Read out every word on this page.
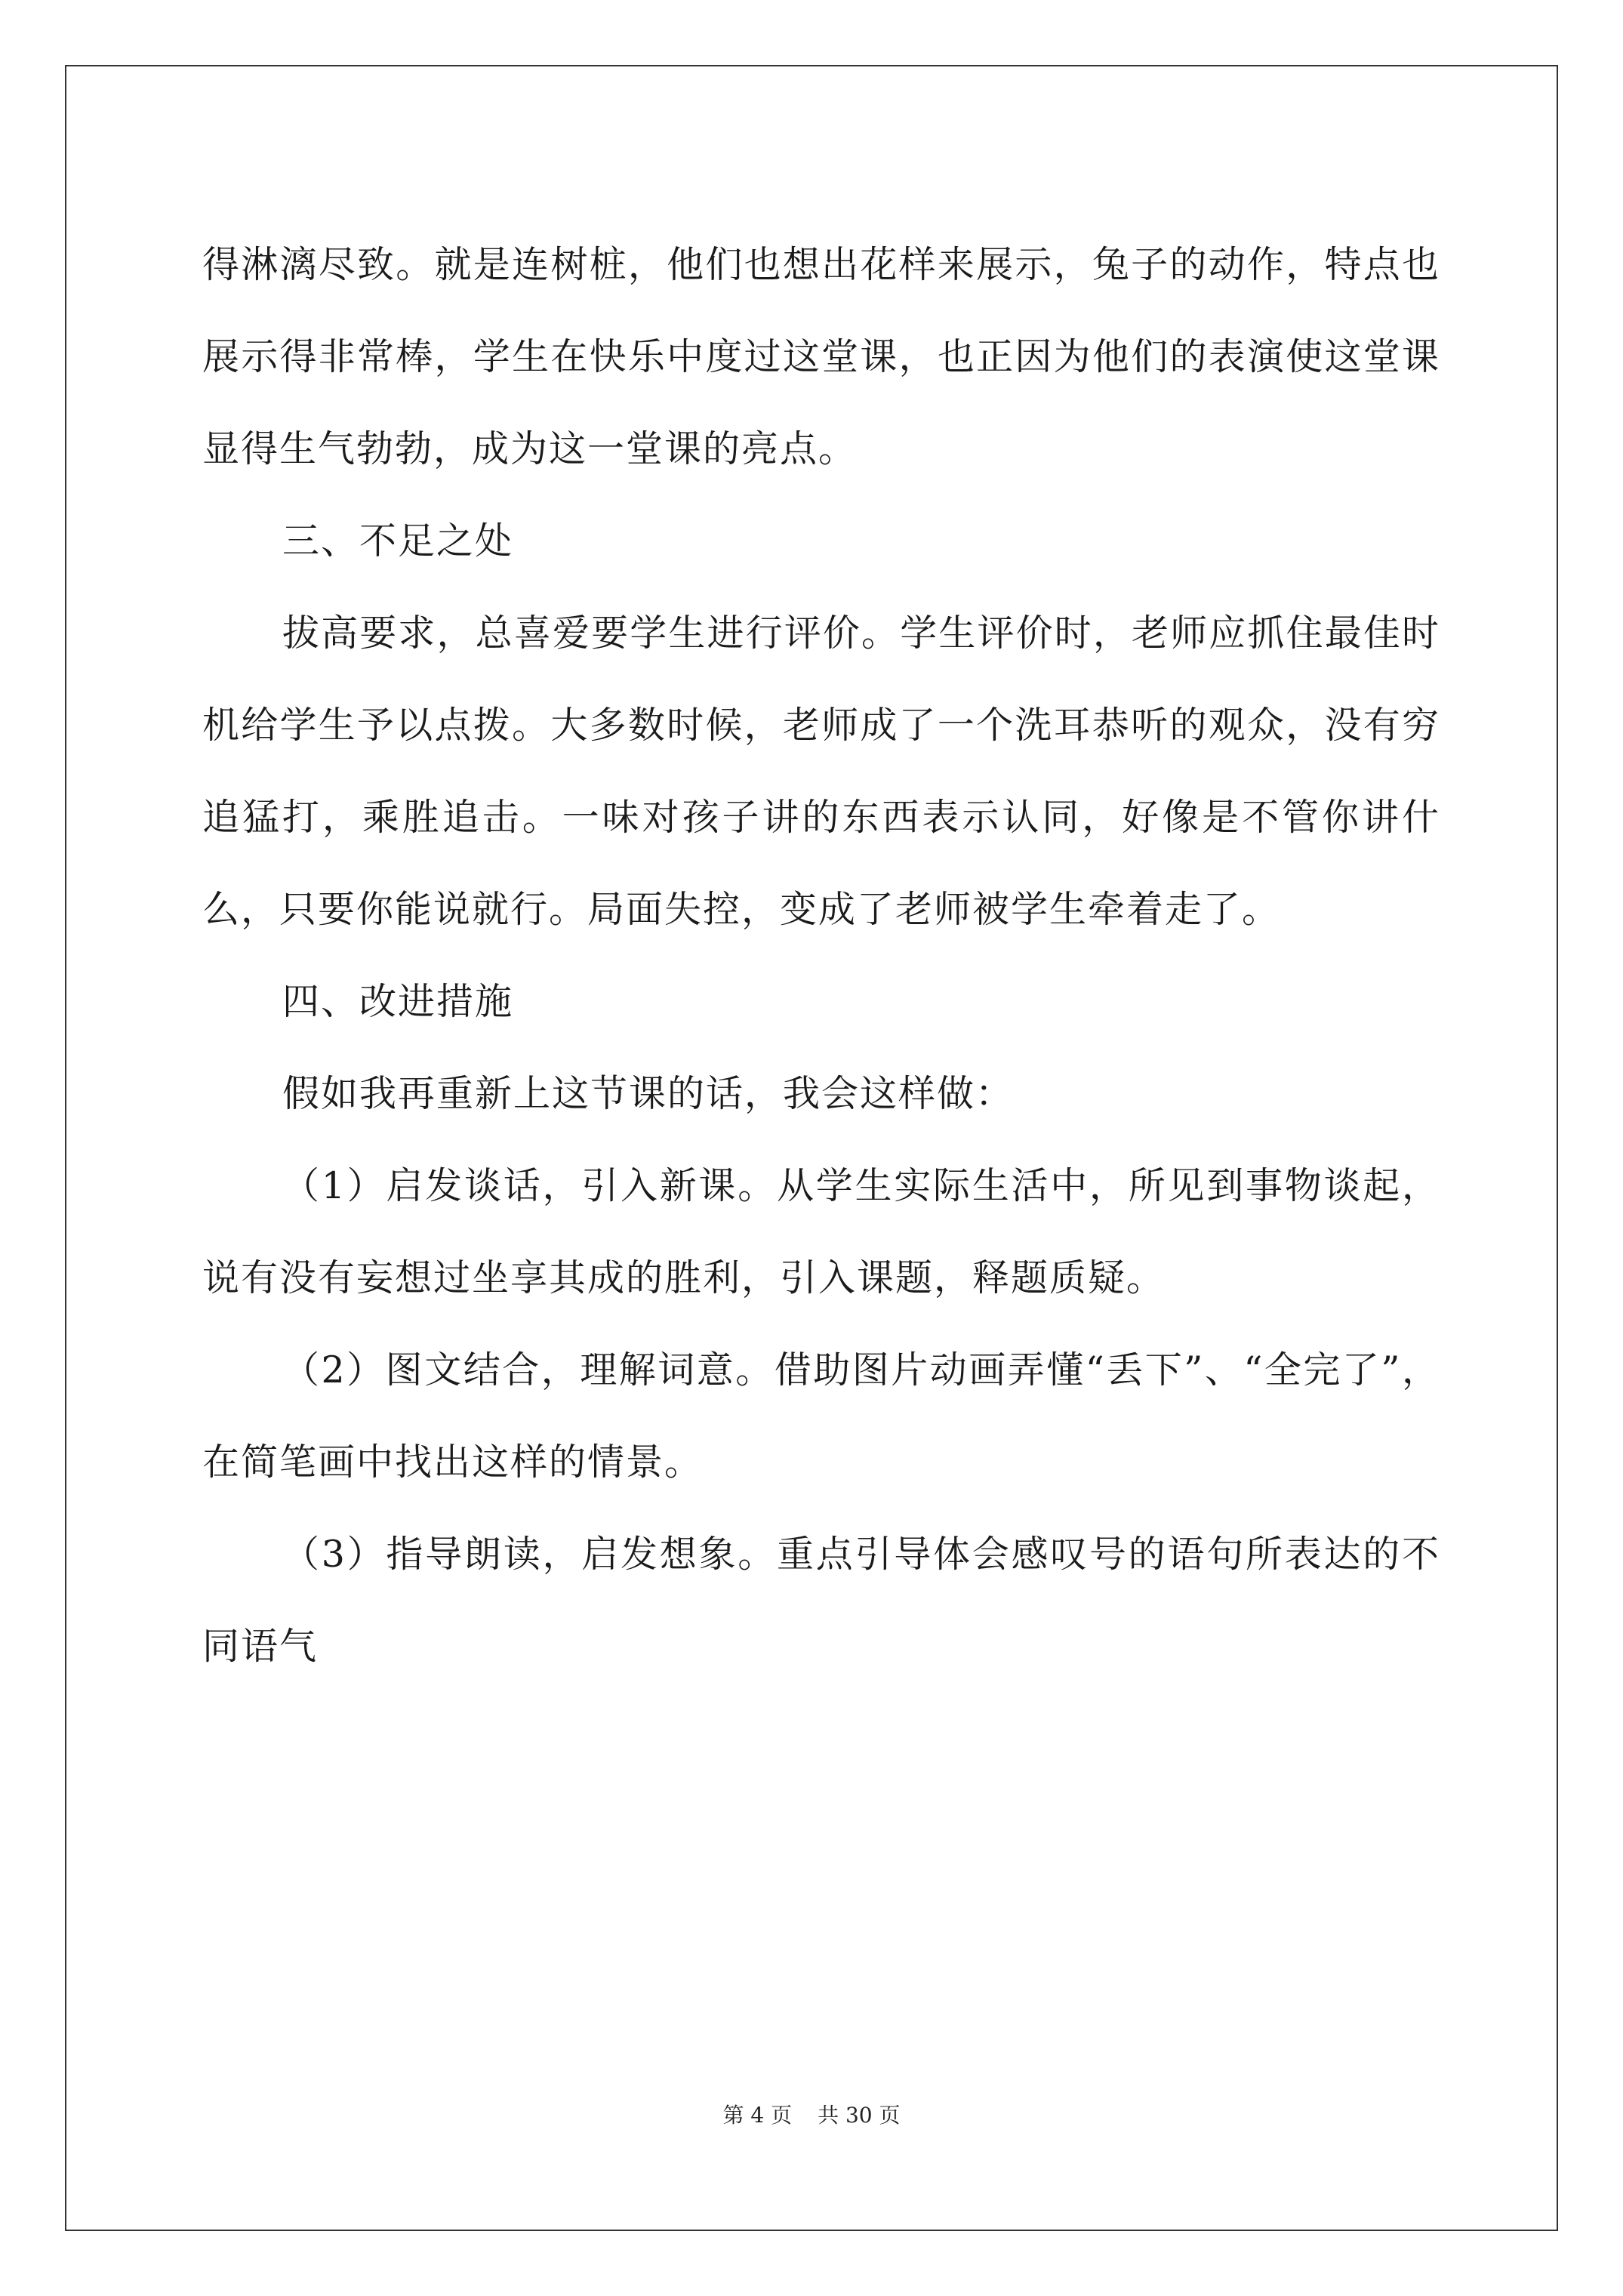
得淋漓尽致。就是连树桩，他们也想出花样来展示，兔子的动作，特点也展示得非常棒，学生在快乐中度过这堂课，也正因为他们的表演使这堂课显得生气勃勃，成为这一堂课的亮点。

三、不足之处

拔高要求，总喜爱要学生进行评价。学生评价时，老师应抓住最佳时机给学生予以点拨。大多数时候，老师成了一个洗耳恭听的观众，没有穷追猛打，乘胜追击。一味对孩子讲的东西表示认同，好像是不管你讲什么，只要你能说就行。局面失控，变成了老师被学生牵着走了。

四、改进措施

假如我再重新上这节课的话，我会这样做：

（1）启发谈话，引入新课。从学生实际生活中，所见到事物谈起，说有没有妄想过坐享其成的胜利，引入课题，释题质疑。

（2）图文结合，理解词意。借助图片动画弄懂“丢下”、“全完了”，在简笔画中找出这样的情景。

（3）指导朗读，启发想象。重点引导体会感叹号的语句所表达的不同语气

第 4 页 共 30 页
